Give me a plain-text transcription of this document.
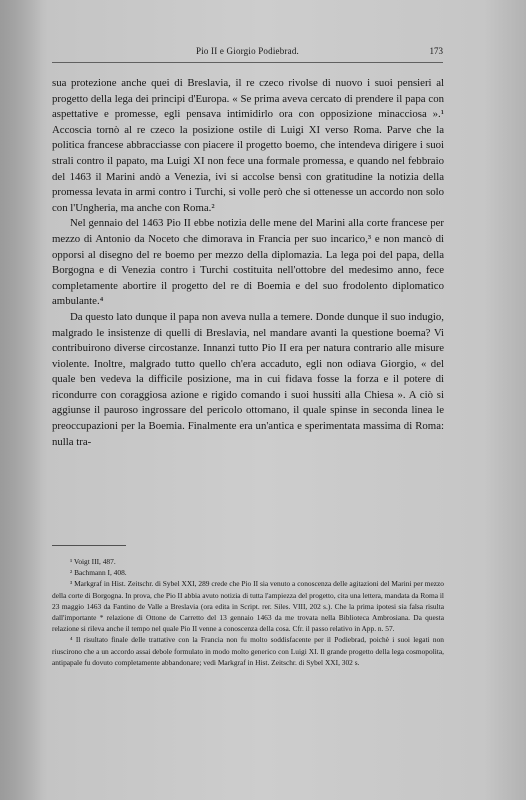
Pio II e Giorgio Podiebrad.	173

sua protezione anche quei di Breslavia, il re czeco rivolse di nuovo i suoi pensieri al progetto della lega dei principi d'Europa. « Se prima aveva cercato di prendere il papa con aspettative e promesse, egli pensava intimidirlo ora con opposizione minacciosa ».¹ Accoscia tornò al re czeco la posizione ostile di Luigi XI verso Roma. Parve che la politica francese abbracciasse con piacere il progetto boemo, che intendeva dirigere i suoi strali contro il papato, ma Luigi XI non fece una formale promessa, e quando nel febbraio del 1463 il Marini andò a Venezia, ivi si accolse bensì con gratitudine la notizia della promessa levata in armi contro i Turchi, si volle però che si ottenesse un accordo non solo con l'Ungheria, ma anche con Roma.²

Nel gennaio del 1463 Pio II ebbe notizia delle mene del Marini alla corte francese per mezzo di Antonio da Noceto che dimorava in Francia per suo incarico,³ e non mancò di opporsi al disegno del re boemo per mezzo della diplomazia. La lega poi del papa, della Borgogna e di Venezia contro i Turchi costituita nell'ottobre del medesimo anno, fece completamente abortire il progetto del re di Boemia e del suo frodolento diplomatico ambulante.⁴

Da questo lato dunque il papa non aveva nulla a temere. Donde dunque il suo indugio, malgrado le insistenze di quelli di Breslavia, nel mandare avanti la questione boema? Vi contribuirono diverse circostanze. Innanzi tutto Pio II era per natura contrario alle misure violente. Inoltre, malgrado tutto quello ch'era accaduto, egli non odiava Giorgio, « del quale ben vedeva la difficile posizione, ma in cui fidava fosse la forza e il potere di ricondurre con coraggiosa azione e rigido comando i suoi hussiti alla Chiesa ». A ciò si aggiunse il pauroso ingrossare del pericolo ottomano, il quale spinse in seconda linea le preoccupazioni per la Boemia. Finalmente era un'antica e sperimentata massima di Roma: nulla tra-

¹ Voigt III, 487.

² Bachmann I, 408.

³ Markgraf in Hist. Zeitschr. di Sybel XXI, 289 crede che Pio II sia venuto a conoscenza delle agitazioni del Marini per mezzo della corte di Borgogna. In prova, che Pio II abbia avuto notizia di tutta l'ampiezza del progetto, cita una lettera, mandata da Roma il 23 maggio 1463 da Fantino de Valle a Breslavia (ora edita in Script. rer. Siles. VIII, 202 s.). Che la prima ipotesi sia falsa risulta dall'importante * relazione di Ottone de Carretto del 13 gennaio 1463 da me trovata nella Biblioteca Ambrosiana. Da questa relazione si rileva anche il tempo nel quale Pio II venne a conoscenza della cosa. Cfr. il passo relativo in App. n. 57.

⁴ Il risultato finale delle trattative con la Francia non fu molto soddisfacente per il Podiebrad, poichè i suoi legati non riuscirono che a un accordo assai debole formulato in modo molto generico con Luigi XI. Il grande progetto della lega cosmopolita, antipapale fu dovuto completamente abbandonare; vedi Markgraf in Hist. Zeitschr. di Sybel XXI, 302 s.
